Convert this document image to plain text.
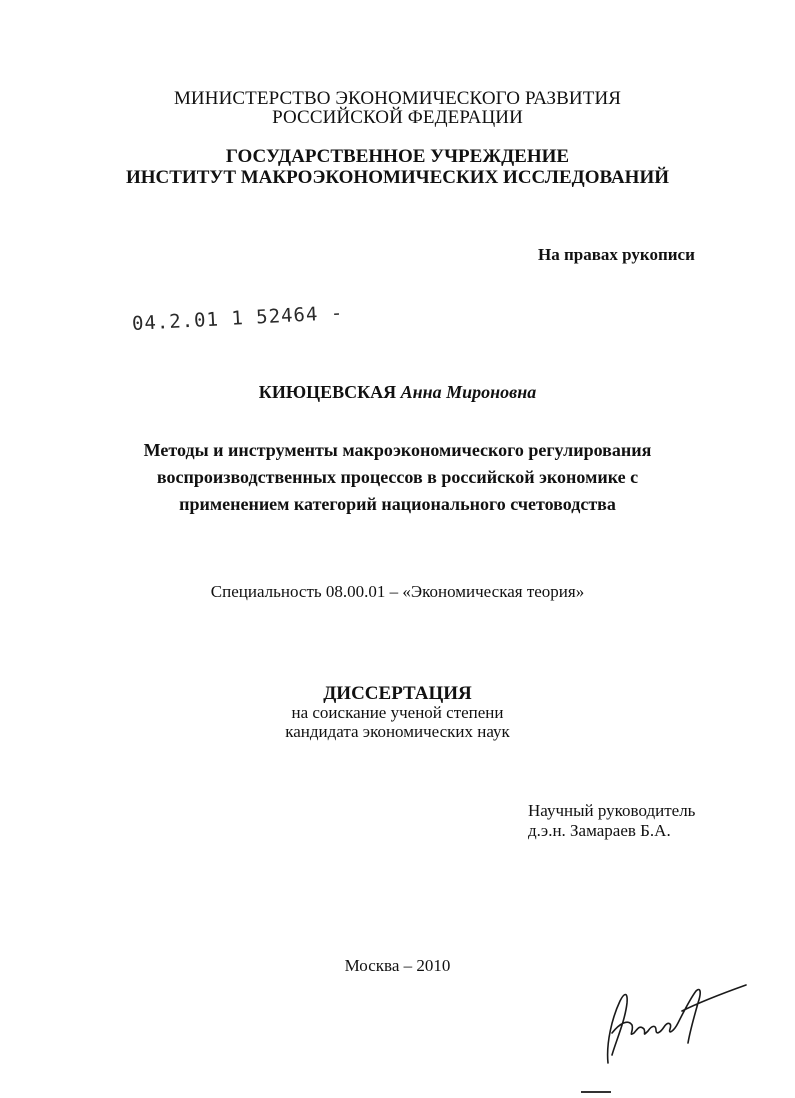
МИНИСТЕРСТВО ЭКОНОМИЧЕСКОГО РАЗВИТИЯ
РОССИЙСКОЙ ФЕДЕРАЦИИ
ГОСУДАРСТВЕННОЕ УЧРЕЖДЕНИЕ
ИНСТИТУТ МАКРОЭКОНОМИЧЕСКИХ ИССЛЕДОВАНИЙ
На правах рукописи
04.2.01 1 52464 -
КИЮЦЕВСКАЯ Анна Мироновна
Методы и инструменты макроэкономического регулирования
воспроизводственных процессов в российской экономике с
применением категорий национального счетоводства
Специальность 08.00.01 – «Экономическая теория»
ДИССЕРТАЦИЯ
на соискание ученой степени
кандидата экономических наук
Научный руководитель
д.э.н. Замараев Б.А.
Москва – 2010
